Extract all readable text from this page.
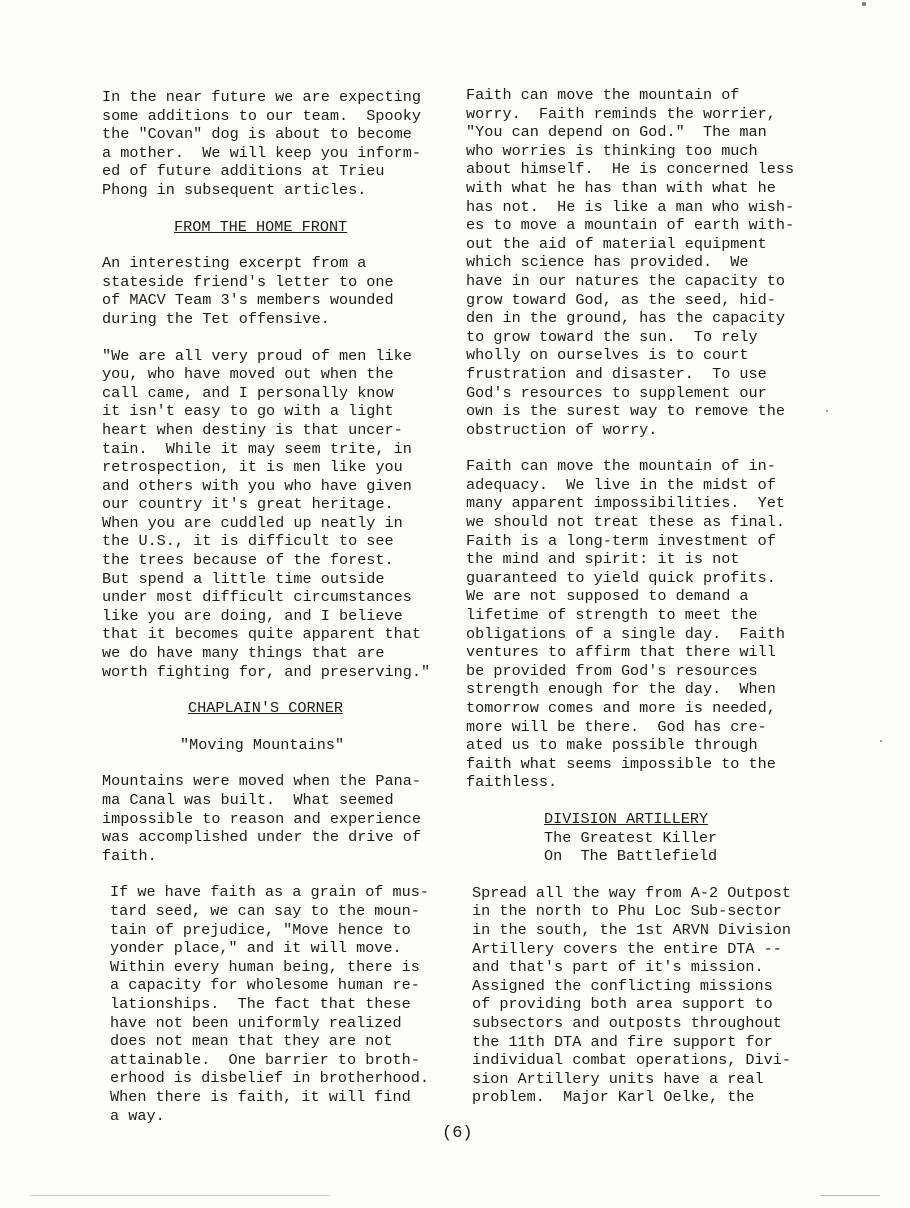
In the near future we are expecting
some additions to our team.  Spooky
the "Covan" dog is about to become
a mother.  We will keep you inform-
ed of future additions at Trieu
Phong in subsequent articles.

FROM THE HOME FRONT

An interesting excerpt from a
stateside friend's letter to one
of MACV Team 3's members wounded
during the Tet offensive.

"We are all very proud of men like
you, who have moved out when the
call came, and I personally know
it isn't easy to go with a light
heart when destiny is that uncer-
tain.  While it may seem trite, in
retrospection, it is men like you
and others with you who have given
our country it's great heritage.
When you are cuddled up neatly in
the U.S., it is difficult to see
the trees because of the forest.
But spend a little time outside
under most difficult circumstances
like you are doing, and I believe
that it becomes quite apparent that
we do have many things that are
worth fighting for, and preserving."

CHAPLAIN'S CORNER

"Moving Mountains"

Mountains were moved when the Pana-
ma Canal was built.  What seemed
impossible to reason and experience
was accomplished under the drive of
faith.

If we have faith as a grain of mus-
tard seed, we can say to the moun-
tain of prejudice, "Move hence to
yonder place," and it will move.
Within every human being, there is
a capacity for wholesome human re-
lationships.  The fact that these
have not been uniformly realized
does not mean that they are not
attainable.  One barrier to broth-
erhood is disbelief in brotherhood.
When there is faith, it will find
a way.

Faith can move the mountain of
worry.  Faith reminds the worrier,
"You can depend on God."  The man
who worries is thinking too much
about himself.  He is concerned less
with what he has than with what he
has not.  He is like a man who wish-
es to move a mountain of earth with-
out the aid of material equipment
which science has provided.  We
have in our natures the capacity to
grow toward God, as the seed, hid-
den in the ground, has the capacity
to grow toward the sun.  To rely
wholly on ourselves is to court
frustration and disaster.  To use
God's resources to supplement our
own is the surest way to remove the
obstruction of worry.

Faith can move the mountain of in-
adequacy.  We live in the midst of
many apparent impossibilities.  Yet
we should not treat these as final.
Faith is a long-term investment of
the mind and spirit: it is not
guaranteed to yield quick profits.
We are not supposed to demand a
lifetime of strength to meet the
obligations of a single day.  Faith
ventures to affirm that there will
be provided from God's resources
strength enough for the day.  When
tomorrow comes and more is needed,
more will be there.  God has cre-
ated us to make possible through
faith what seems impossible to the
faithless.

DIVISION ARTILLERY

The Greatest Killer

On  The Battlefield

Spread all the way from A-2 Outpost
in the north to Phu Loc Sub-sector
in the south, the 1st ARVN Division
Artillery covers the entire DTA --
and that's part of it's mission.
Assigned the conflicting missions
of providing both area support to
subsectors and outposts throughout
the 11th DTA and fire support for
individual combat operations, Divi-
sion Artillery units have a real
problem.  Major Karl Oelke, the

(6)
